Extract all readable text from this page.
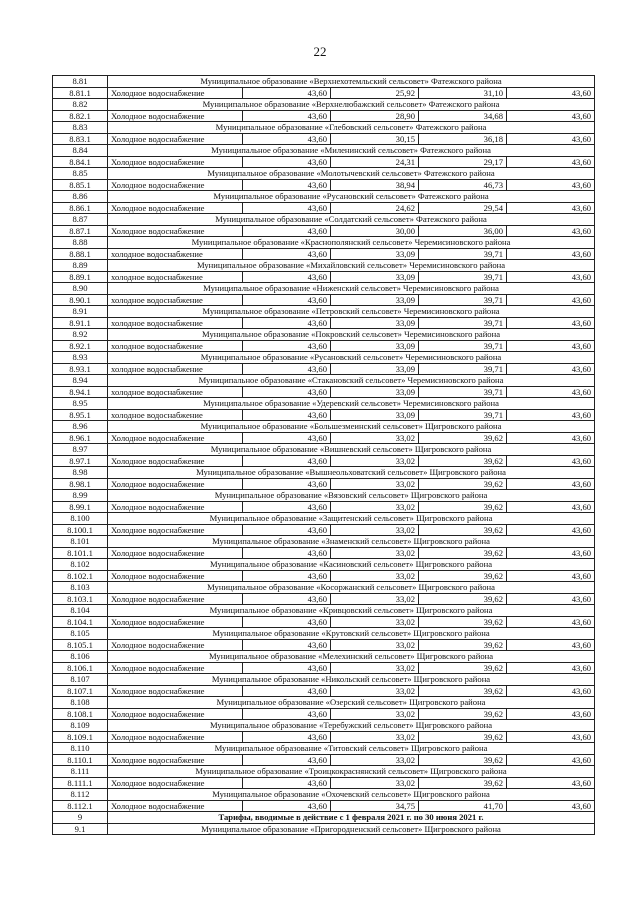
22
8.81	Муниципальное образование «Верхнехотемльский сельсовет» Фатежского района				
8.81.1	Холодное водоснабжение	43,60	25,92	31,10	43,60
8.82	Муниципальное образование «Верхнелюбажский сельсовет» Фатежского района				
8.82.1	Холодное водоснабжение	43,60	28,90	34,68	43,60
8.83	Муниципальное образование «Глебовский сельсовет» Фатежского района				
8.83.1	Холодное водоснабжение	43,60	30,15	36,18	43,60
8.84	Муниципальное образование «Миленинский сельсовет» Фатежского района				
8.84.1	Холодное водоснабжение	43,60	24,31	29,17	43,60
8.85	Муниципальное образование «Молотычевский сельсовет» Фатежского района				
8.85.1	Холодное водоснабжение	43,60	38,94	46,73	43,60
8.86	Муниципальное образование «Русановский сельсовет» Фатежского района				
8.86.1	Холодное водоснабжение	43,60	24,62	29,54	43,60
8.87	Муниципальное образование «Солдатский сельсовет» Фатежского района				
8.87.1	Холодное водоснабжение	43,60	30,00	36,00	43,60
8.88	Муниципальное образование «Краснополянский сельсовет» Черемисиновского района				
8.88.1	холодное водоснабжение	43,60	33,09	39,71	43,60
8.89	Муниципальное образование «Михайловский сельсовет» Черемисиновского района				
8.89.1	холодное водоснабжение	43,60	33,09	39,71	43,60
8.90	Муниципальное образование «Ниженский сельсовет» Черемисиновского района				
8.90.1	холодное водоснабжение	43,60	33,09	39,71	43,60
8.91	Муниципальное образование «Петровский сельсовет» Черемисиновского района				
8.91.1	холодное водоснабжение	43,60	33,09	39,71	43,60
8.92	Муниципальное образование «Покровский сельсовет» Черемисиновского района				
8.92.1	холодное водоснабжение	43,60	33,09	39,71	43,60
8.93	Муниципальное образование «Русановский сельсовет» Черемисиновского района				
8.93.1	холодное водоснабжение	43,60	33,09	39,71	43,60
8.94	Муниципальное образование «Стакановский сельсовет» Черемисиновского района				
8.94.1	холодное водоснабжение	43,60	33,09	39,71	43,60
8.95	Муниципальное образование «Удеревский сельсовет» Черемисиновского района				
8.95.1	холодное водоснабжение	43,60	33,09	39,71	43,60
8.96	Муниципальное образование «Большезмеинский сельсовет» Щигровского района				
8.96.1	Холодное водоснабжение	43,60	33,02	39,62	43,60
8.97	Муниципальное образование «Вишневский сельсовет» Щигровского района				
8.97.1	Холодное водоснабжение	43,60	33,02	39,62	43,60
8.98	Муниципальное образование «Вышнеольховатский сельсовет» Щигровского района				
8.98.1	Холодное водоснабжение	43,60	33,02	39,62	43,60
8.99	Муниципальное образование «Вязовский сельсовет» Щигровского района				
8.99.1	Холодное водоснабжение	43,60	33,02	39,62	43,60
8.100	Муниципальное образование «Защитенский сельсовет» Щигровского района				
8.100.1	Холодное водоснабжение	43,60	33,02	39,62	43,60
8.101	Муниципальное образование «Знаменский сельсовет» Щигровского района				
8.101.1	Холодное водоснабжение	43,60	33,02	39,62	43,60
8.102	Муниципальное образование «Касиновский сельсовет» Щигровского района				
8.102.1	Холодное водоснабжение	43,60	33,02	39,62	43,60
8.103	Муниципальное образование «Косоржанский сельсовет» Щигровского района				
8.103.1	Холодное водоснабжение	43,60	33,02	39,62	43,60
8.104	Муниципальное образование «Кривцовский сельсовет» Щигровского района				
8.104.1	Холодное водоснабжение	43,60	33,02	39,62	43,60
8.105	Муниципальное образование «Крутовский сельсовет» Щигровского района				
8.105.1	Холодное водоснабжение	43,60	33,02	39,62	43,60
8.106	Муниципальное образование «Мелехинский сельсовет» Щигровского района				
8.106.1	Холодное водоснабжение	43,60	33,02	39,62	43,60
8.107	Муниципальное образование «Никольский сельсовет» Щигровского района				
8.107.1	Холодное водоснабжение	43,60	33,02	39,62	43,60
8.108	Муниципальное образование «Озерский сельсовет» Щигровского района				
8.108.1	Холодное водоснабжение	43,60	33,02	39,62	43,60
8.109	Муниципальное образование «Теребужский сельсовет» Щигровского района				
8.109.1	Холодное водоснабжение	43,60	33,02	39,62	43,60
8.110	Муниципальное образование «Титовский сельсовет» Щигровского района				
8.110.1	Холодное водоснабжение	43,60	33,02	39,62	43,60
8.111	Муниципальное образование «Троицкокраснянский сельсовет» Щигровского района				
8.111.1	Холодное водоснабжение	43,60	33,02	39,62	43,60
8.112	Муниципальное образование «Охочевский сельсовет» Щигровского района				
8.112.1	Холодное водоснабжение	43,60	34,75	41,70	43,60
9	Тарифы, вводимые в действие с 1 февраля 2021 г. по 30 июня 2021 г.				
9.1	Муниципальное образование «Пригородненский сельсовет» Щигровского района				
